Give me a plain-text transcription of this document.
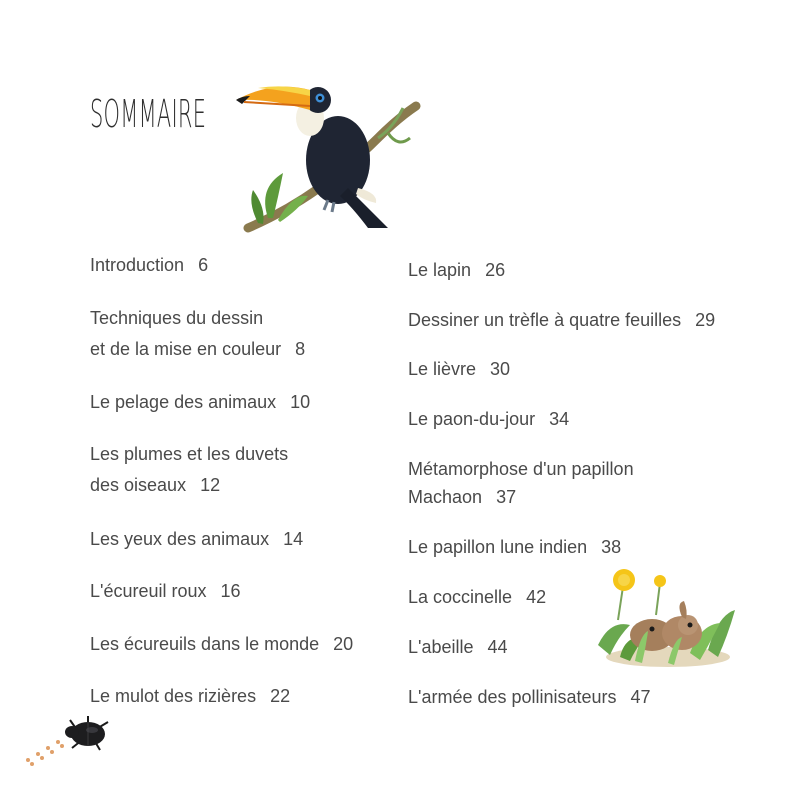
SOMMAIRE
Introduction 6
Techniques du dessin
et de la mise en couleur 8
Le pelage des animaux 10
Les plumes et les duvets
des oiseaux 12
Les yeux des animaux 14
L'écureuil roux 16
Les écureuils dans le monde 20
Le mulot des rizières 22
Le lapin 26
Dessiner un trèfle à quatre feuilles 29
Le lièvre 30
Le paon-du-jour 34
Métamorphose d'un papillon
Machaon 37
Le papillon lune indien 38
La coccinelle 42
L'abeille 44
L'armée des pollinisateurs 47
